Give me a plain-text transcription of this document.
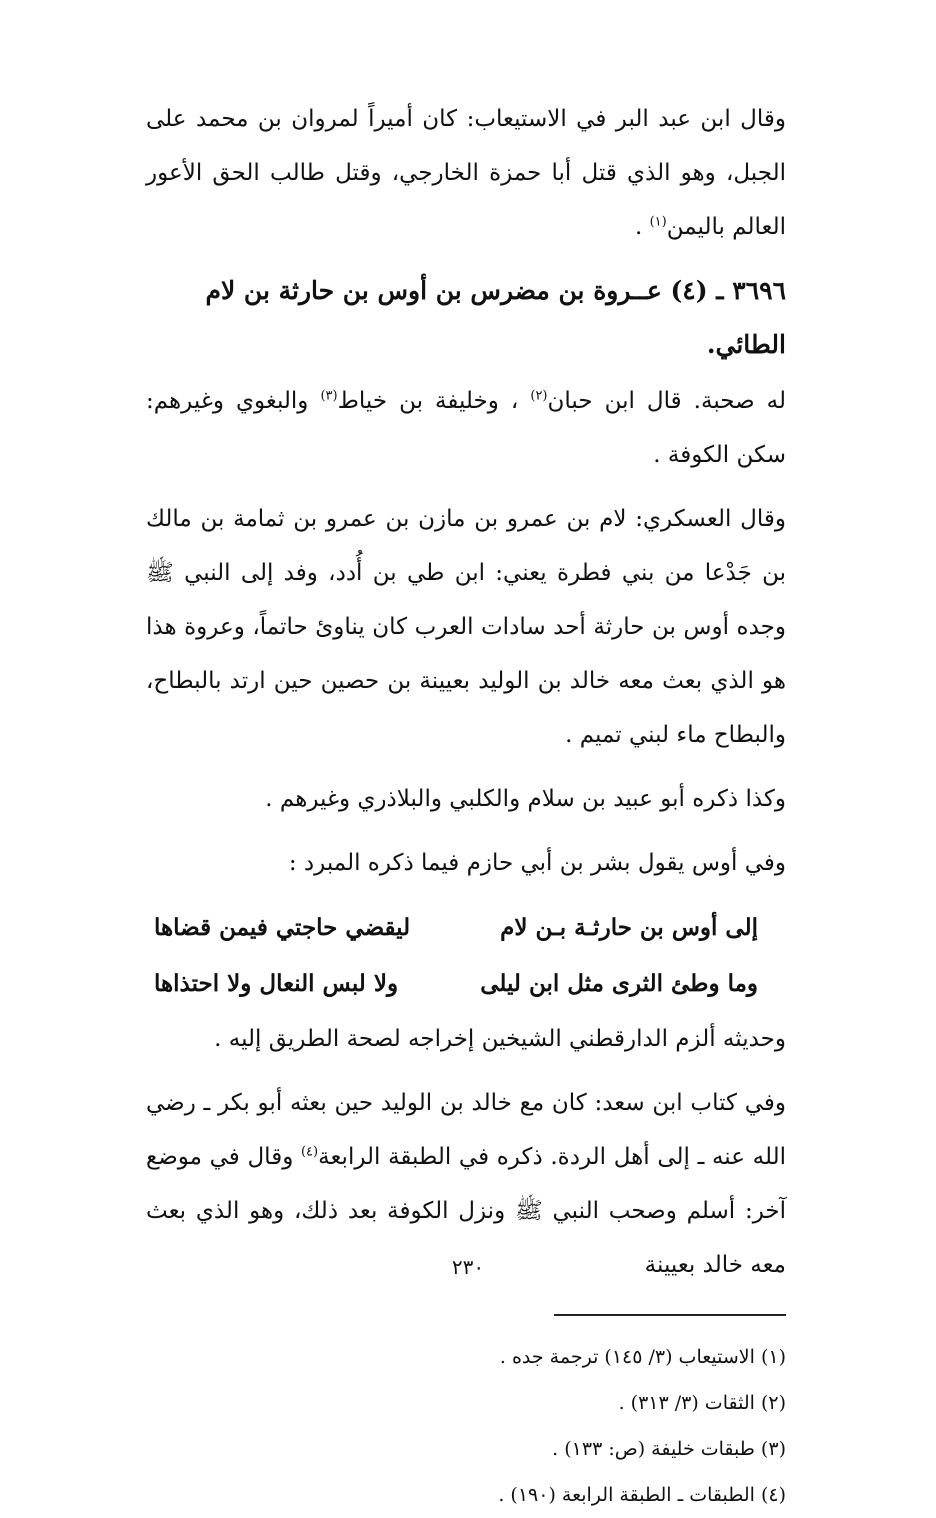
وقال ابن عبد البر في الاستيعاب: كان أميراً لمروان بن محمد على الجبل، وهو الذي قتل أبا حمزة الخارجي، وقتل طالب الحق الأعور العالم باليمن$^{(١)}$ .

٣٦٩٦ ـ (٤) عــروة بن مضرس بن أوس بن حارثة بن لام الطائي.

له صحبة. قال ابن حبان$^{(٢)}$ ، وخليفة بن خياط$^{(٣)}$ والبغوي وغيرهم: سكن الكوفة .

وقال العسكري: لام بن عمرو بن مازن بن عمرو بن ثمامة بن مالك بن جَدْعا من بني فطرة يعني: ابن طي بن أُدد، وفد إلى النبي ﷺ وجده أوس بن حارثة أحد سادات العرب كان يناوئ حاتماً، وعروة هذا هو الذي بعث معه خالد بن الوليد بعيينة بن حصين حين ارتد بالبطاح، والبطاح ماء لبني تميم .

وكذا ذكره أبو عبيد بن سلام والكلبي والبلاذري وغيرهم .

وفي أوس يقول بشر بن أبي حازم فيما ذكره المبرد :

إلى أوس بن حارثـة بـن لام
ليقضي حاجتي فيمن قضاها
وما وطئ الثرى مثل ابن ليلى
ولا لبس النعال ولا احتذاها

وحديثه ألزم الدارقطني الشيخين إخراجه لصحة الطريق إليه .

وفي كتاب ابن سعد: كان مع خالد بن الوليد حين بعثه أبو بكر ـ رضي الله عنه ـ إلى أهل الردة. ذكره في الطبقة الرابعة$^{(٤)}$ وقال في موضع آخر: أسلم وصحب النبي ﷺ ونزل الكوفة بعد ذلك، وهو الذي بعث معه خالد بعيينة

(١) الاستيعاب (٣/ ١٤٥) ترجمة جده .
(٢) الثقات (٣/ ٣١٣) .
(٣) طبقات خليفة (ص: ١٣٣) .
(٤) الطبقات ـ الطبقة الرابعة (١٩٠) .
٢٣٠
